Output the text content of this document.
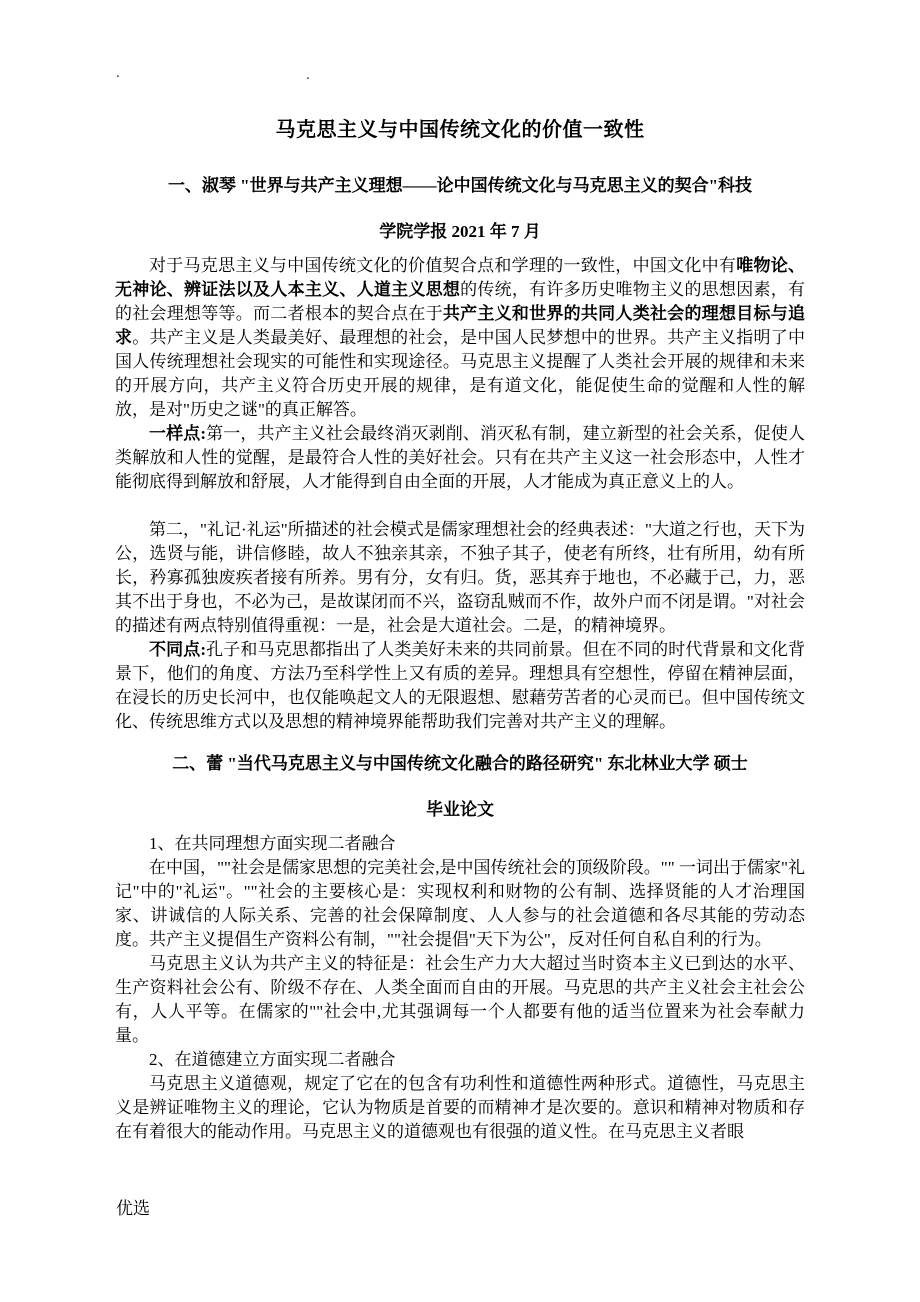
.	.
马克思主义与中国传统文化的价值一致性
一、淑琴 "世界与共产主义理想——论中国传统文化与马克思主义的契合"科技
学院学报 2021 年 7 月

对于马克思主义与中国传统文化的价值契合点和学理的一致性，中国文化中有唯物论、无神论、辨证法以及人本主义、人道主义思想的传统，有许多历史唯物主义的思想因素，有的社会理想等等。而二者根本的契合点在于共产主义和世界的共同人类社会的理想目标与追求。共产主义是人类最美好、最理想的社会，是中国人民梦想中的世界。共产主义指明了中国人传统理想社会现实的可能性和实现途径。马克思主义提醒了人类社会开展的规律和未来的开展方向，共产主义符合历史开展的规律，是有道文化，能促使生命的觉醒和人性的解放，是对"历史之谜"的真正解答。

一样点:第一，共产主义社会最终消灭剥削、消灭私有制，建立新型的社会关系，促使人类解放和人性的觉醒，是最符合人性的美好社会。只有在共产主义这一社会形态中，人性才能彻底得到解放和舒展，人才能得到自由全面的开展，人才能成为真正意义上的人。

第二，"礼记·礼运"所描述的社会模式是儒家理想社会的经典表述："大道之行也，天下为公，选贤与能，讲信修睦，故人不独亲其亲，不独子其子，使老有所终，壮有所用，幼有所长，矜寡孤独废疾者接有所养。男有分，女有归。货，恶其弃于地也，不必藏于己，力，恶其不出于身也，不必为己，是故谋闭而不兴，盗窃乱贼而不作，故外户而不闭是谓。"对社会的描述有两点特别值得重视：一是，社会是大道社会。二是，的精神境界。

不同点:孔子和马克思都指出了人类美好未来的共同前景。但在不同的时代背景和文化背景下，他们的角度、方法乃至科学性上又有质的差异。理想具有空想性，停留在精神层面，在浸长的历史长河中，也仅能唤起文人的无限遐想、慰藉劳苦者的心灵而已。但中国传统文化、传统思维方式以及思想的精神境界能帮助我们完善对共产主义的理解。

二、蕾 "当代马克思主义与中国传统文化融合的路径研究" 东北林业大学 硕士
毕业论文

1、在共同理想方面实现二者融合

在中国，""社会是儒家思想的完美社会,是中国传统社会的顶级阶段。"" 一词出于儒家"礼记"中的"礼运"。""社会的主要核心是：实现权利和财物的公有制、选择贤能的人才治理国家、讲诚信的人际关系、完善的社会保障制度、人人参与的社会道德和各尽其能的劳动态度。共产主义提倡生产资料公有制，""社会提倡"天下为公"，反对任何自私自利的行为。

马克思主义认为共产主义的特征是：社会生产力大大超过当时资本主义已到达的水平、生产资料社会公有、阶级不存在、人类全面而自由的开展。马克思的共产主义社会主社会公有，人人平等。在儒家的""社会中,尤其强调每一个人都要有他的适当位置来为社会奉献力量。

2、在道德建立方面实现二者融合

马克思主义道德观，规定了它在的包含有功利性和道德性两种形式。道德性，马克思主义是辨证唯物主义的理论，它认为物质是首要的而精神才是次要的。意识和精神对物质和存在有着很大的能动作用。马克思主义的道德观也有很强的道义性。在马克思主义者眼

优选
